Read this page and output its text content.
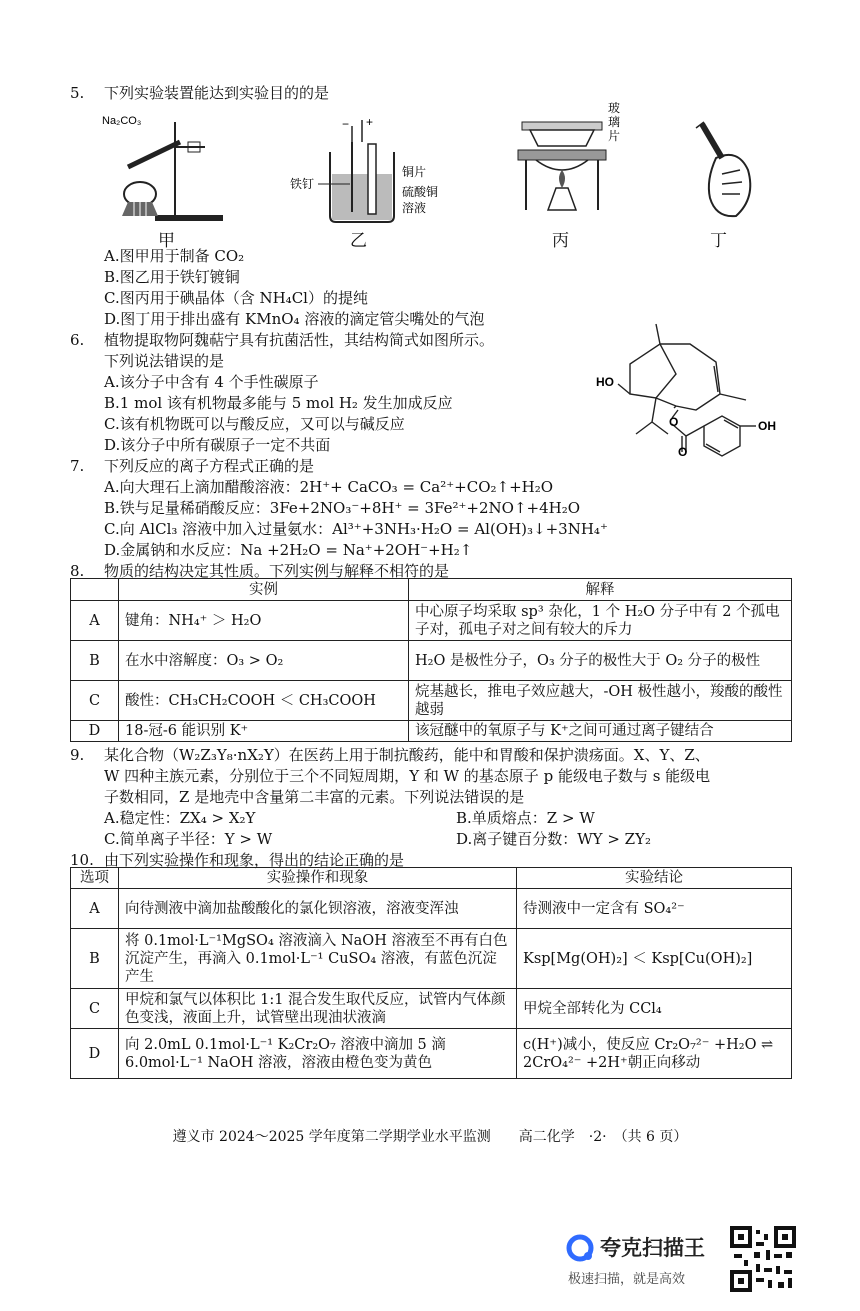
5. 下列实验装置能达到实验目的的是
Na₂CO₃	− +
铁钉
铜片
硫酸铜
溶液
玻
璃
片
甲	乙	丙	丁
A.图甲用于制备 CO₂
B.图乙用于铁钉镀铜
C.图丙用于碘晶体（含 NH₄Cl）的提纯
D.图丁用于排出盛有 KMnO₄ 溶液的滴定管尖嘴处的气泡
6. 植物提取物阿魏萜宁具有抗菌活性，其结构简式如图所示。
下列说法错误的是
A.该分子中含有 4 个手性碳原子
B.1 mol 该有机物最多能与 5 mol H₂ 发生加成反应
C.该有机物既可以与酸反应，又可以与碱反应
D.该分子中所有碳原子一定不共面
HO
O
O
OH
7. 下列反应的离子方程式正确的是
A.向大理石上滴加醋酸溶液：2H⁺+ CaCO₃ = Ca²⁺+CO₂↑+H₂O
B.铁与足量稀硝酸反应：3Fe+2NO₃⁻+8H⁺ = 3Fe²⁺+2NO↑+4H₂O
C.向 AlCl₃ 溶液中加入过量氨水：Al³⁺+3NH₃·H₂O = Al(OH)₃↓+3NH₄⁺
D.金属钠和水反应：Na +2H₂O = Na⁺+2OH⁻+H₂↑
8. 物质的结构决定其性质。下列实例与解释不相符的是
	实例	解释
A	键角：NH₄⁺ ＞ H₂O	中心原子均采取 sp³ 杂化，1 个 H₂O 分子中有 2 个孤电子对，孤电子对之间有较大的斥力
B	在水中溶解度：O₃ > O₂	H₂O 是极性分子，O₃ 分子的极性大于 O₂ 分子的极性
C	酸性：CH₃CH₂COOH ＜ CH₃COOH	烷基越长，推电子效应越大，-OH 极性越小，羧酸的酸性越弱
D	18-冠-6 能识别 K⁺	该冠醚中的氧原子与 K⁺之间可通过离子键结合
9. 某化合物（W₂Z₃Y₈·nX₂Y）在医药上用于制抗酸药，能中和胃酸和保护溃疡面。X、Y、Z、
W 四种主族元素，分别位于三个不同短周期，Y 和 W 的基态原子 p 能级电子数与 s 能级电
子数相同，Z 是地壳中含量第二丰富的元素。下列说法错误的是
A.稳定性：ZX₄ > X₂Y	B.单质熔点：Z > W
C.简单离子半径：Y > W	D.离子键百分数：WY > ZY₂
10. 由下列实验操作和现象，得出的结论正确的是
选项	实验操作和现象	实验结论
A	向待测液中滴加盐酸酸化的氯化钡溶液，溶液变浑浊	待测液中一定含有 SO₄²⁻
B	将 0.1mol·L⁻¹MgSO₄ 溶液滴入 NaOH 溶液至不再有白色沉淀产生，再滴入 0.1mol·L⁻¹ CuSO₄ 溶液，有蓝色沉淀产生	Ksp[Mg(OH)₂] ＜ Ksp[Cu(OH)₂]
C	甲烷和氯气以体积比 1:1 混合发生取代反应，试管内气体颜色变浅，液面上升，试管壁出现油状液滴	甲烷全部转化为 CCl₄
D	向 2.0mL 0.1mol·L⁻¹ K₂Cr₂O₇ 溶液中滴加 5 滴 6.0mol·L⁻¹ NaOH 溶液，溶液由橙色变为黄色	c(H⁺)减小，使反应 Cr₂O₇²⁻ +H₂O ⇌ 2CrO₄²⁻ +2H⁺朝正向移动
遵义市 2024～2025 学年度第二学期学业水平监测　　高二化学　·2·　（共 6 页）
夸克扫描王
极速扫描，就是高效
